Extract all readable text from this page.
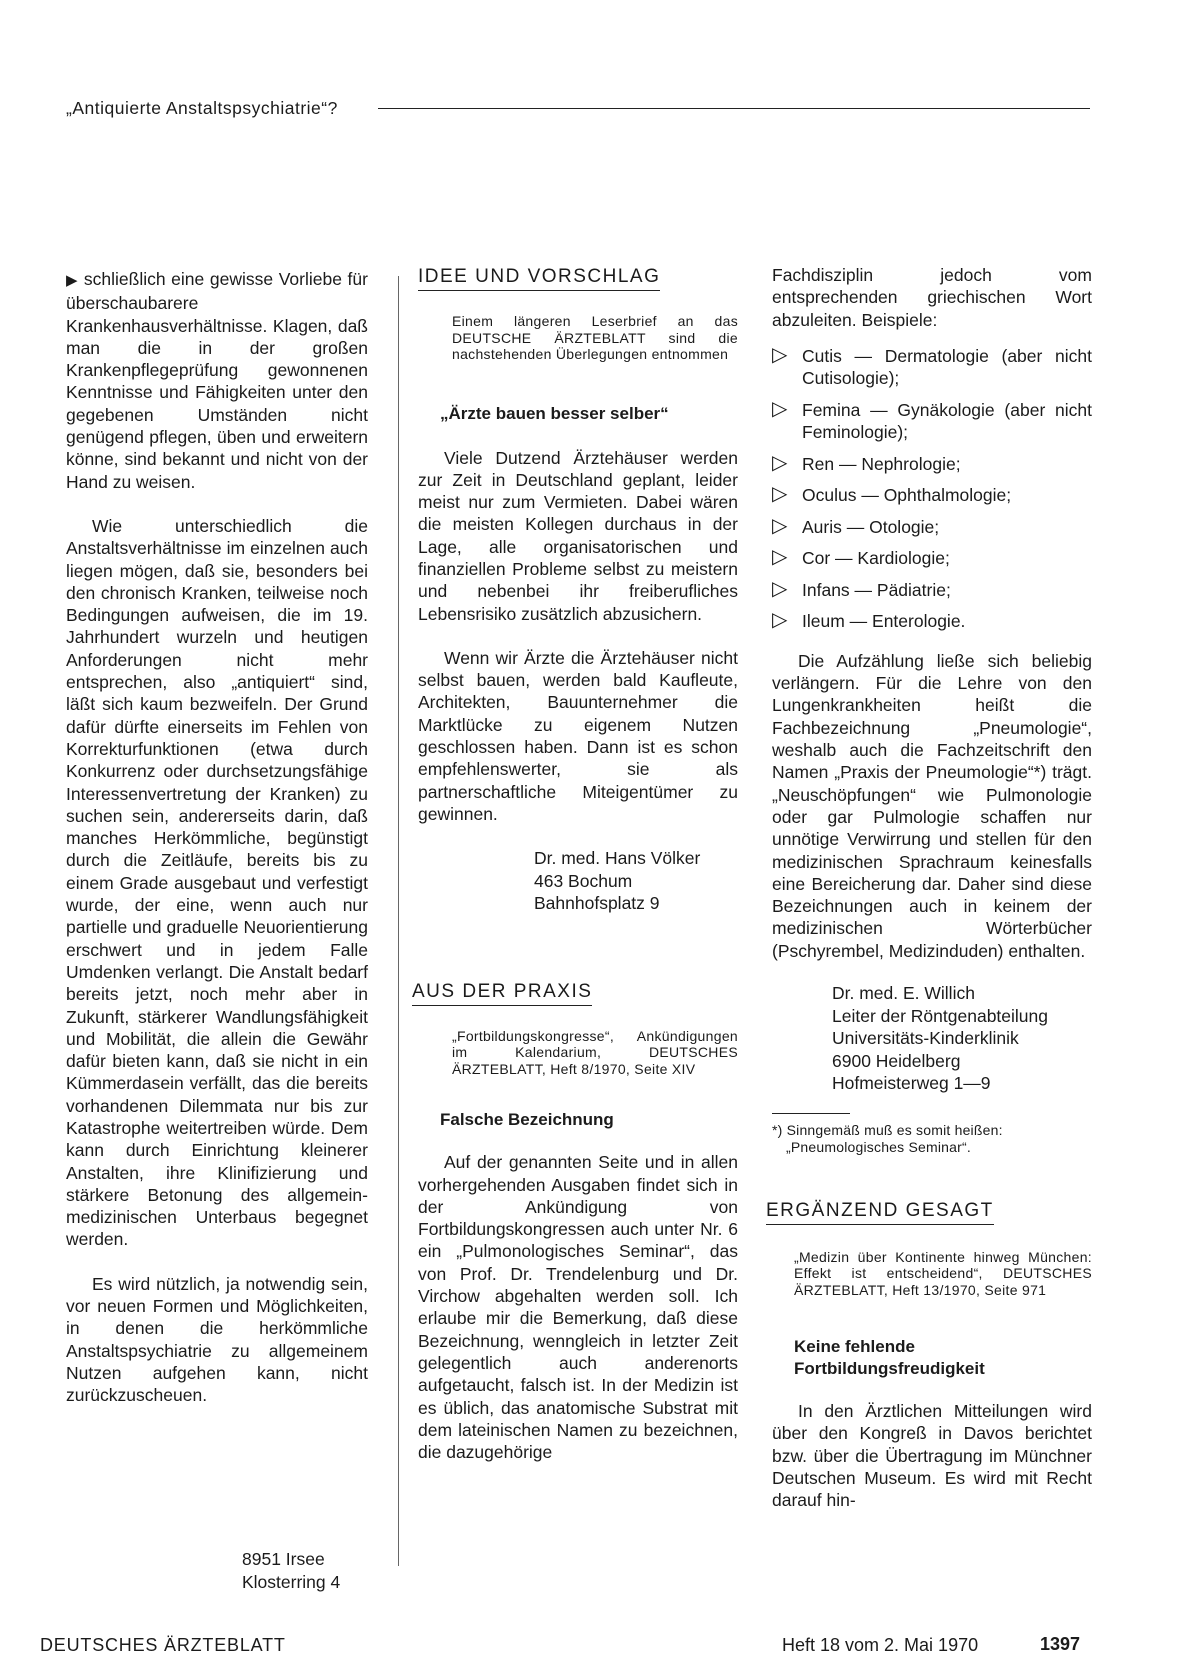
„Antiquierte Anstaltspsychiatrie“?

▶ schließlich eine gewisse Vorliebe für überschaubarere Krankenhausverhältnisse. Klagen, daß man die in der großen Krankenpflegeprüfung gewonnenen Kenntnisse und Fähigkeiten unter den gegebenen Umständen nicht genügend pflegen, üben und erweitern könne, sind bekannt und nicht von der Hand zu weisen.

Wie unterschiedlich die Anstaltsverhältnisse im einzelnen auch liegen mögen, daß sie, besonders bei den chronisch Kranken, teilweise noch Bedingungen aufweisen, die im 19. Jahrhundert wurzeln und heutigen Anforderungen nicht mehr entsprechen, also „antiquiert“ sind, läßt sich kaum bezweifeln. Der Grund dafür dürfte einerseits im Fehlen von Korrekturfunktionen (etwa durch Konkurrenz oder durchsetzungsfähige Interessenvertretung der Kranken) zu suchen sein, andererseits darin, daß manches Herkömmliche, begünstigt durch die Zeitläufe, bereits bis zu einem Grade ausgebaut und verfestigt wurde, der eine, wenn auch nur partielle und graduelle Neuorientierung erschwert und in jedem Falle Umdenken verlangt. Die Anstalt bedarf bereits jetzt, noch mehr aber in Zukunft, stärkerer Wandlungsfähigkeit und Mobilität, die allein die Gewähr dafür bieten kann, daß sie nicht in ein Kümmerdasein verfällt, das die bereits vorhandenen Dilemmata nur bis zur Katastrophe weitertreiben würde. Dem kann durch Einrichtung kleinerer Anstalten, ihre Klinifizierung und stärkere Betonung des allgemein-medizinischen Unterbaus begegnet werden.

Es wird nützlich, ja notwendig sein, vor neuen Formen und Möglichkeiten, in denen die herkömmliche Anstaltspsychiatrie zu allgemeinem Nutzen aufgehen kann, nicht zurückzuscheuen.

8951 Irsee
Klosterring 4
IDEE UND VORSCHLAG

Einem längeren Leserbrief an das DEUTSCHE ÄRZTEBLATT sind die nachstehenden Überlegungen entnommen

„Ärzte bauen besser selber“

Viele Dutzend Ärztehäuser werden zur Zeit in Deutschland geplant, leider meist nur zum Vermieten. Dabei wären die meisten Kollegen durchaus in der Lage, alle organisatorischen und finanziellen Probleme selbst zu meistern und nebenbei ihr freiberufliches Lebensrisiko zusätzlich abzusichern.

Wenn wir Ärzte die Ärztehäuser nicht selbst bauen, werden bald Kaufleute, Architekten, Bauunternehmer die Marktlücke zu eigenem Nutzen geschlossen haben. Dann ist es schon empfehlenswerter, sie als partnerschaftliche Miteigentümer zu gewinnen.

Dr. med. Hans Völker

463 Bochum

Bahnhofsplatz 9

AUS DER PRAXIS

„Fortbildungskongresse“, Ankündigungen im Kalendarium, DEUTSCHES ÄRZTEBLATT, Heft 8/1970, Seite XIV

Falsche Bezeichnung

Auf der genannten Seite und in allen vorhergehenden Ausgaben findet sich in der Ankündigung von Fortbildungskongressen auch unter Nr. 6 ein „Pulmonologisches Seminar“, das von Prof. Dr. Trendelenburg und Dr. Virchow abgehalten werden soll. Ich erlaube mir die Bemerkung, daß diese Bezeichnung, wenngleich in letzter Zeit gelegentlich auch anderenorts aufgetaucht, falsch ist. In der Medizin ist es üblich, das anatomische Substrat mit dem lateinischen Namen zu bezeichnen, die dazugehörige

Fachdisziplin jedoch vom entsprechenden griechischen Wort abzuleiten. Beispiele:

▷ Cutis — Dermatologie (aber nicht Cutisologie);

▷ Femina — Gynäkologie (aber nicht Feminologie);

▷ Ren — Nephrologie;

▷ Oculus — Ophthalmologie;

▷ Auris — Otologie;

▷ Cor — Kardiologie;

▷ Infans — Pädiatrie;

▷ Ileum — Enterologie.

Die Aufzählung ließe sich beliebig verlängern. Für die Lehre von den Lungenkrankheiten heißt die Fachbezeichnung „Pneumologie“, weshalb auch die Fachzeitschrift den Namen „Praxis der Pneumologie“*) trägt. „Neuschöpfungen“ wie Pulmonologie oder gar Pulmologie schaffen nur unnötige Verwirrung und stellen für den medizinischen Sprachraum keinesfalls eine Bereicherung dar. Daher sind diese Bezeichnungen auch in keinem der medizinischen Wörterbücher (Pschyrembel, Medizinduden) enthalten.

Dr. med. E. Willich

Leiter der Röntgenabteilung

Universitäts-Kinderklinik

6900 Heidelberg

Hofmeisterweg 1—9

*) Sinngemäß muß es somit heißen: „Pneumologisches Seminar“.

ERGÄNZEND GESAGT

„Medizin über Kontinente hinweg München: Effekt ist entscheidend“, DEUTSCHES ÄRZTEBLATT, Heft 13/1970, Seite 971

Keine fehlende

Fortbildungsfreudigkeit

In den Ärztlichen Mitteilungen wird über den Kongreß in Davos berichtet bzw. über die Übertragung im Münchner Deutschen Museum. Es wird mit Recht darauf hin-

DEUTSCHES ÄRZTEBLATT	Heft 18 vom 2. Mai 1970	1397
